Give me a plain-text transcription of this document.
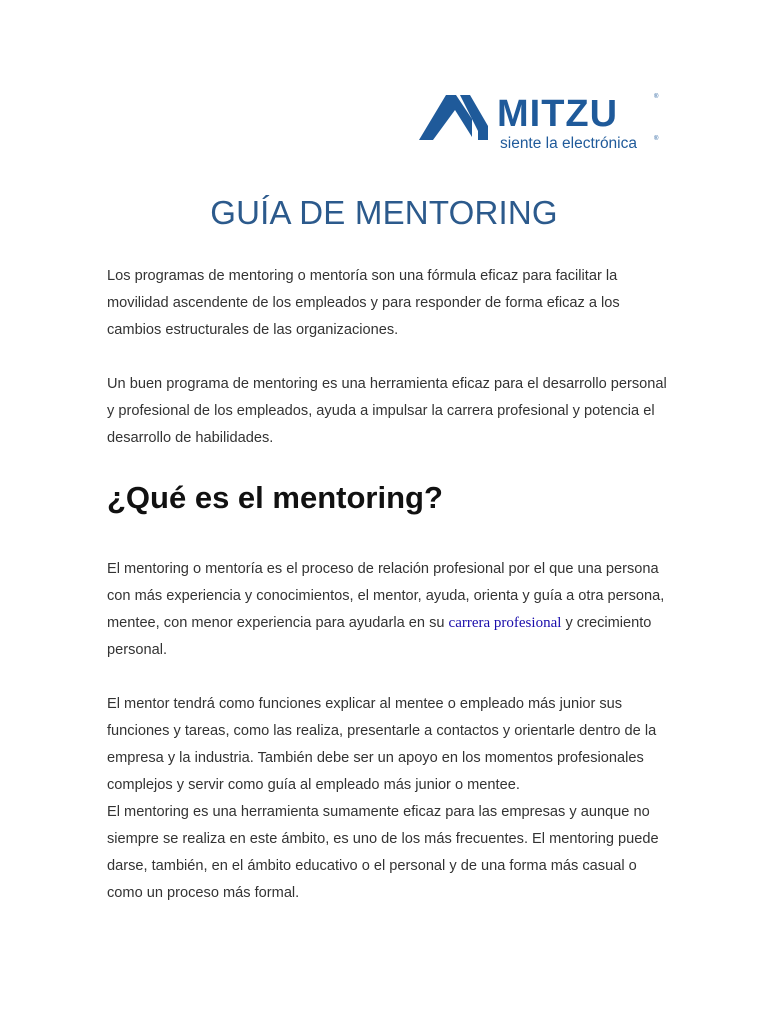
MITZU	®
siente la electrónica	®
GUÍA DE MENTORING

Los programas de mentoring o mentoría son una fórmula eficaz para facilitar la movilidad ascendente de los empleados y para responder de forma eficaz a los cambios estructurales de las organizaciones.

Un buen programa de mentoring es una herramienta eficaz para el desarrollo personal y profesional de los empleados, ayuda a impulsar la carrera profesional y potencia el desarrollo de habilidades.

¿Qué es el mentoring?

El mentoring o mentoría es el proceso de relación profesional por el que una persona con más experiencia y conocimientos, el mentor, ayuda, orienta y guía a otra persona, mentee, con menor experiencia para ayudarla en su carrera profesional y crecimiento personal.

El mentor tendrá como funciones explicar al mentee o empleado más junior sus funciones y tareas, como las realiza, presentarle a contactos y orientarle dentro de la empresa y la industria. También debe ser un apoyo en los momentos profesionales complejos y servir como guía al empleado más junior o mentee.

El mentoring es una herramienta sumamente eficaz para las empresas y aunque no siempre se realiza en este ámbito, es uno de los más frecuentes. El mentoring puede darse, también, en el ámbito educativo o el personal y de una forma más casual o como un proceso más formal.
